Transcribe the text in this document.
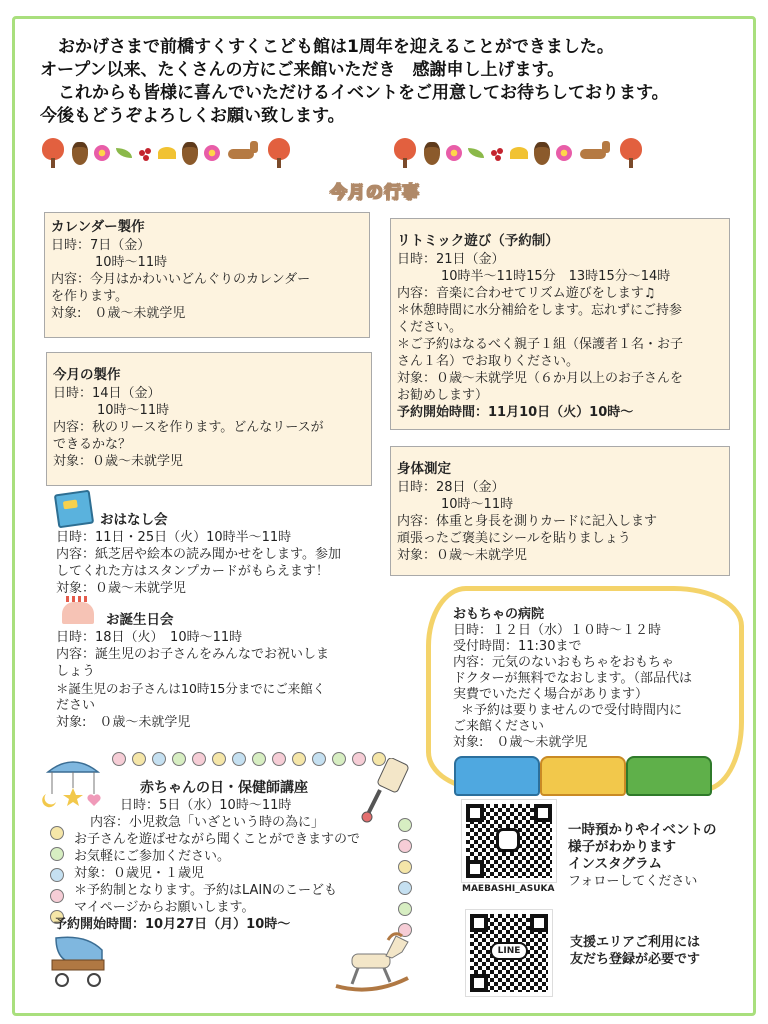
おかげさまで前橋すくすくこども館は1周年を迎えることができました。
オープン以来、たくさんの方にご来館いただき　感謝申し上げます。
これからも皆様に喜んでいただけるイベントをご用意してお待ちしております。
今後もどうぞよろしくお願い致します。
今月の行事
カレンダー製作
日時：7日（金）
10時～11時
内容：今月はかわいいどんぐりのカレンダー
を作ります。
対象:　０歳～未就学児
今月の製作
日時：14日（金）
10時～11時
内容：秋のリースを作ります。どんなリースが
できるかな？
対象：０歳～未就学児
リトミック遊び（予約制）
日時：21日（金）
10時半～11時15分　13時15分～14時
内容：音楽に合わせてリズム遊びをします♫
＊休憩時間に水分補給をします。忘れずにご持参
ください。
＊ご予約はなるべく親子１組（保護者１名・お子
さん１名）でお取りください。
対象：０歳～未就学児（６か月以上のお子さんを
お勧めします）
予約開始時間：11月10日（火）10時～
身体測定
日時：28日（金）
10時～11時
内容：体重と身長を測りカードに記入します
頑張ったご褒美にシールを貼りましょう
対象：０歳～未就学児
おはなし会
日時：11日・25日（火）10時半～11時
内容：紙芝居や絵本の読み聞かせをします。参加
してくれた方はスタンプカードがもらえます！
対象：０歳～未就学児
お誕生日会
日時：18日（火）　10時～11時
内容：誕生児のお子さんをみんなでお祝いしま
しょう
＊誕生児のお子さんは10時15分までにご来館く
ださい
対象:　０歳～未就学児
おもちゃの病院
日時：１２日（水）１０時～１２時
受付時間：11:30まで
内容：元気のないおもちゃをおもちゃ
ドクターが無料でなおします。（部品代は
実費でいただく場合があります）
＊予約は要りませんので受付時間内に
ご来館ください
対象:　０歳～未就学児
赤ちゃんの日・保健師講座
日時：5日（水）10時～11時
内容：小児救急「いざという時の為に」
お子さんを遊ばせながら聞くことができますので
お気軽にご参加ください。
対象：０歳児・１歳児
＊予約制となります。予約はLAINのこーども
マイページからお願いします。
予約開始時間：10月27日（月）10時～
MAEBASHI_ASUKA
一時預かりやイベントの
様子がわかります
インスタグラム
フォローしてください
LINE
支援エリアご利用には
友だち登録が必要です
